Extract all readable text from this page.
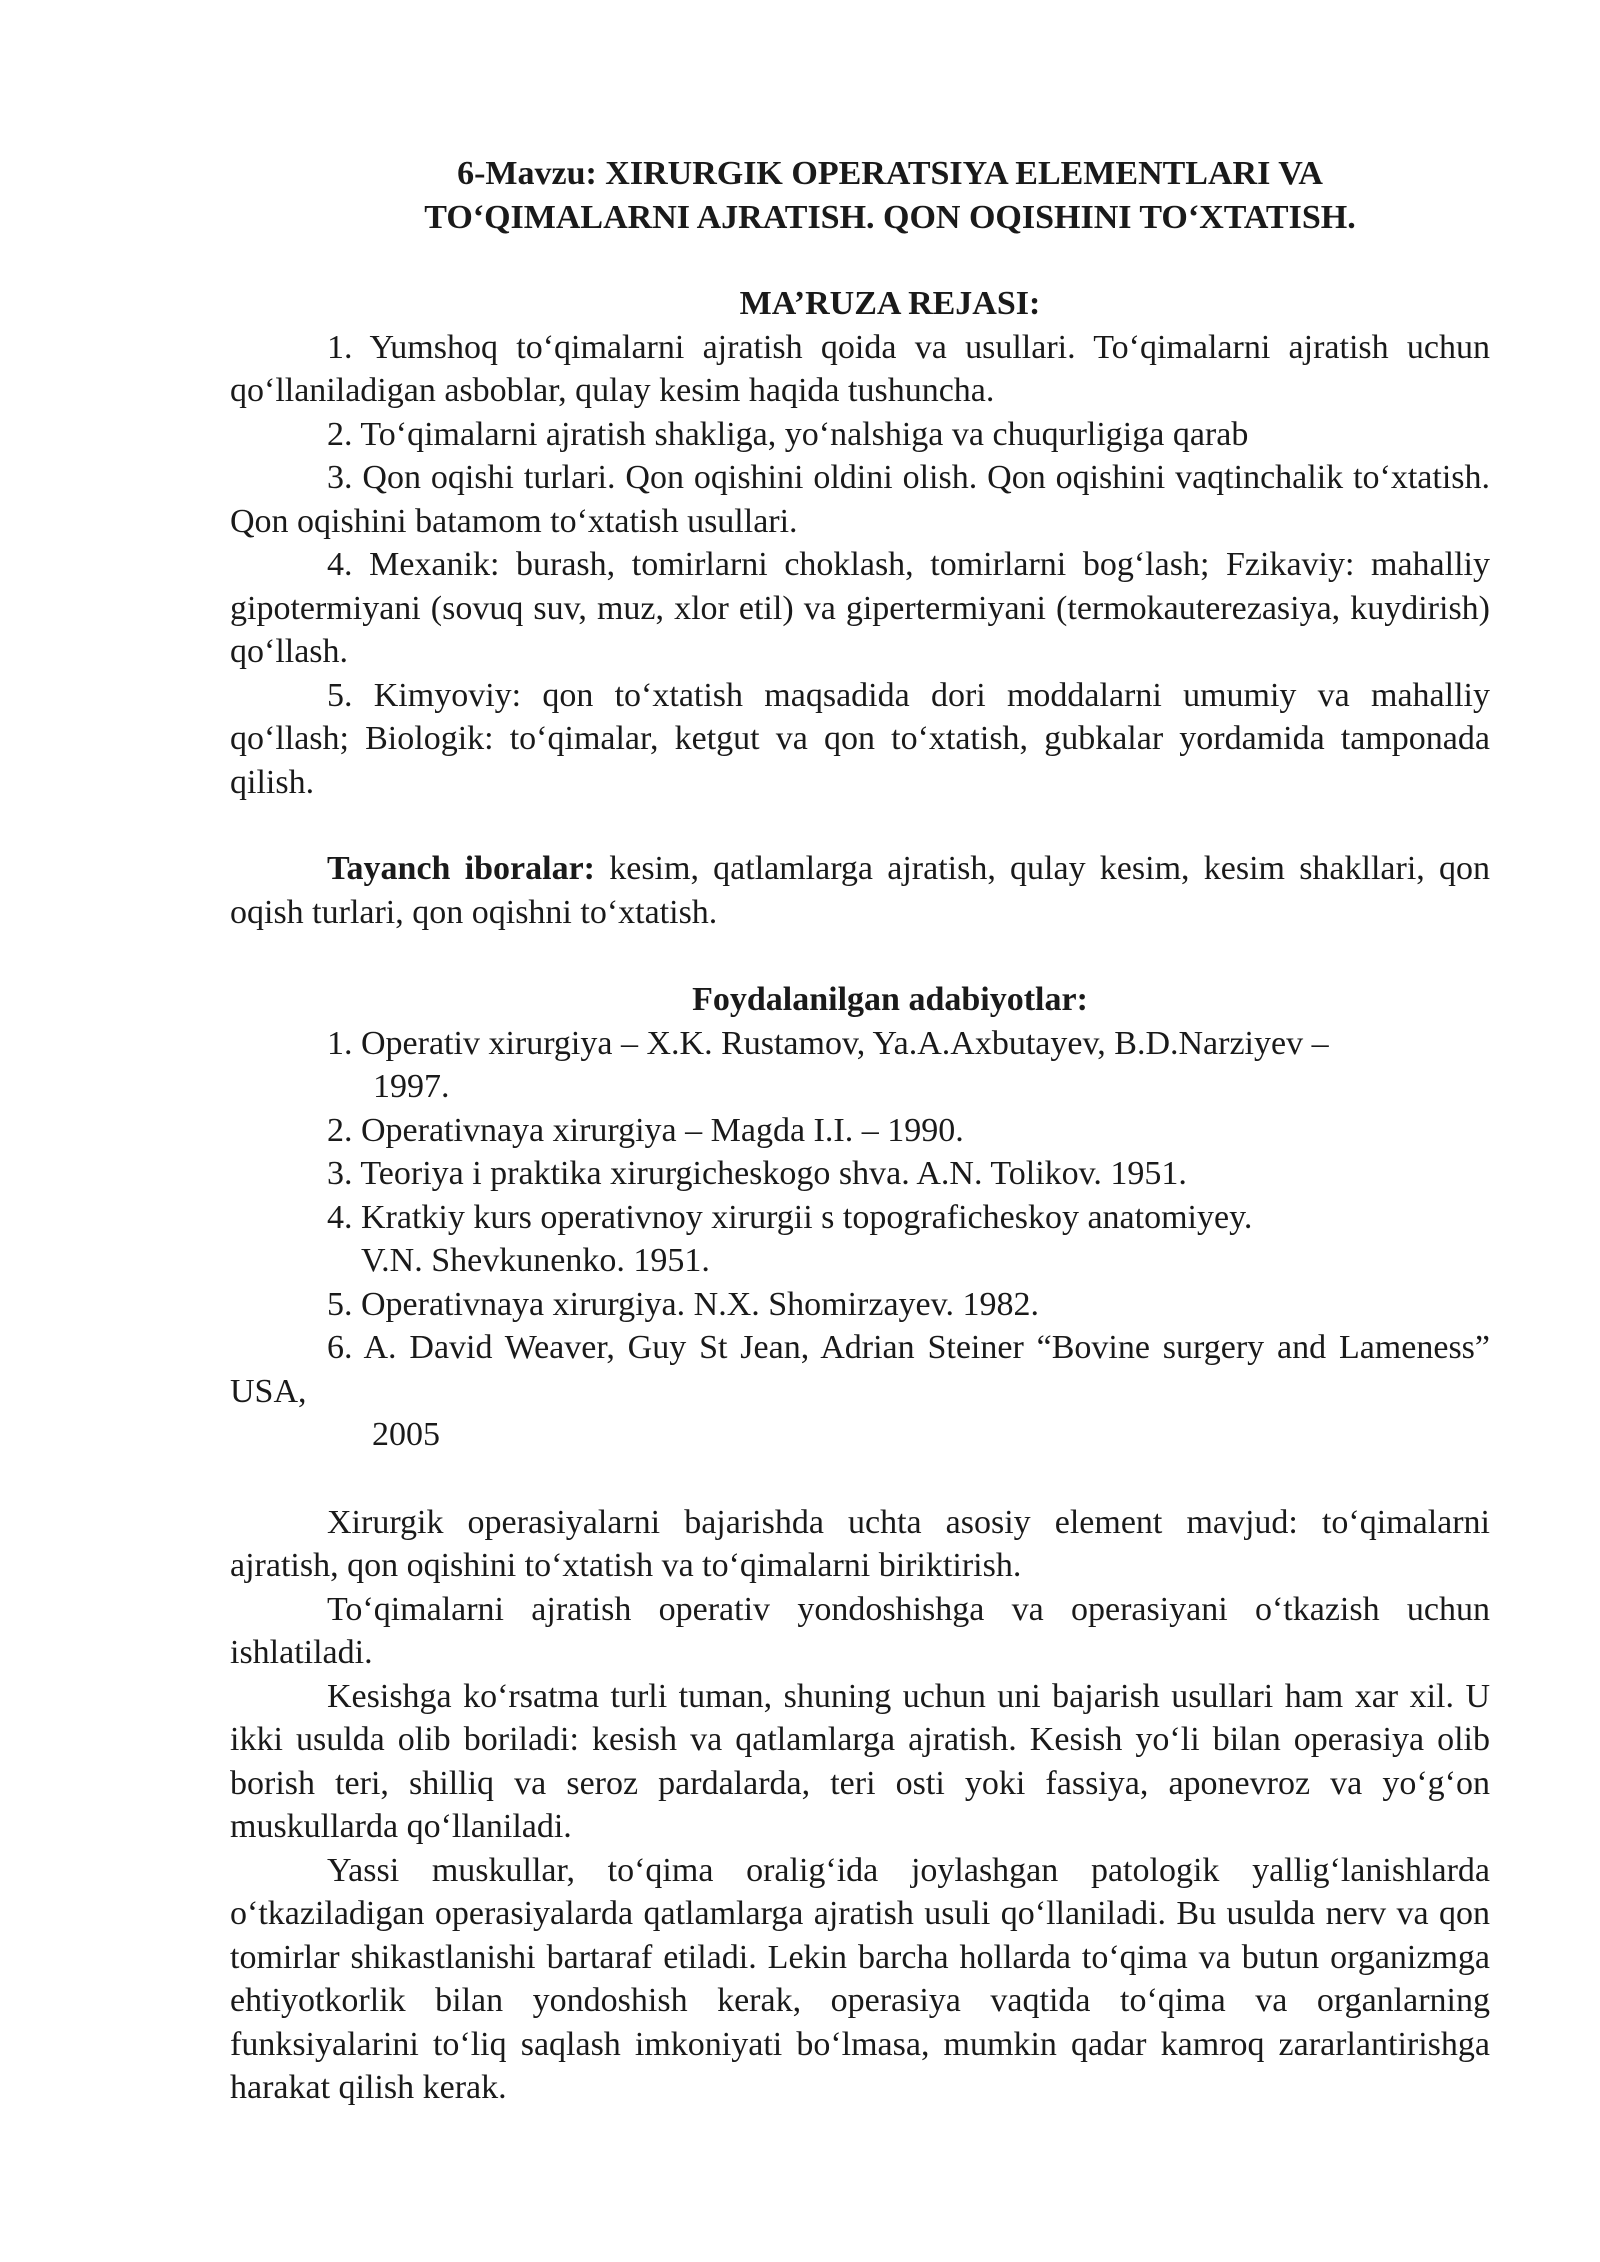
6-Mavzu: XIRURGIK OPERATSIYA ELEMENTLARI VA
TO‘QIMALARNI AJRATISH. QON OQISHINI TO‘XTATISH.

MA’RUZA REJASI:

1. Yumshoq to‘qimalarni ajratish qoida va usullari. To‘qimalarni ajratish uchun qo‘llaniladigan asboblar, qulay kesim haqida tushuncha.

2. To‘qimalarni ajratish shakliga, yo‘nalshiga va chuqurligiga qarab

3. Qon oqishi turlari. Qon oqishini oldini olish. Qon oqishini vaqtinchalik to‘xtatish. Qon oqishini batamom to‘xtatish usullari.

4. Mexanik: burash, tomirlarni choklash, tomirlarni bog‘lash; Fzikaviy: mahalliy gipotermiyani (sovuq suv, muz, xlor etil) va gipertermiyani (termokauterezasiya, kuydirish) qo‘llash.

5. Kimyoviy: qon to‘xtatish maqsadida dori moddalarni umumiy va mahalliy qo‘llash; Biologik: to‘qimalar, ketgut va qon to‘xtatish, gubkalar yordamida tamponada qilish.

Tayanch iboralar: kesim, qatlamlarga ajratish, qulay kesim, kesim shakllari, qon oqish turlari, qon oqishni to‘xtatish.

Foydalanilgan adabiyotlar:

1. Operativ xirurgiya – X.K. Rustamov, Ya.A.Axbutayev, B.D.Narziyev –
1997.

2. Operativnaya xirurgiya – Magda I.I. – 1990.

3. Teoriya i praktika xirurgicheskogo shva. A.N. Tolikov. 1951.

4. Kratkiy kurs operativnoy xirurgii s topograficheskoy anatomiyey.
V.N. Shevkunenko. 1951.

5. Operativnaya xirurgiya. N.X. Shomirzayev. 1982.

6. A. David Weaver, Guy St Jean, Adrian Steiner “Bovine surgery and Lameness” USA,

2005

Xirurgik operasiyalarni bajarishda uchta asosiy element mavjud: to‘qimalarni ajratish, qon oqishini to‘xtatish va to‘qimalarni biriktirish.

To‘qimalarni ajratish operativ yondoshishga va operasiyani o‘tkazish uchun ishlatiladi.

Kesishga ko‘rsatma turli tuman, shuning uchun uni bajarish usullari ham xar xil. U ikki usulda olib boriladi: kesish va qatlamlarga ajratish. Kesish yo‘li bilan operasiya olib borish teri, shilliq va seroz pardalarda, teri osti yoki fassiya, aponevroz va yo‘g‘on muskullarda qo‘llaniladi.

Yassi muskullar, to‘qima oralig‘ida joylashgan patologik yallig‘lanishlarda o‘tkaziladigan operasiyalarda qatlamlarga ajratish usuli qo‘llaniladi. Bu usulda nerv va qon tomirlar shikastlanishi bartaraf etiladi. Lekin barcha hollarda to‘qima va butun organizmga ehtiyotkorlik bilan yondoshish kerak, operasiya vaqtida to‘qima va organlarning funksiyalarini to‘liq saqlash imkoniyati bo‘lmasa, mumkin qadar kamroq zararlantirishga harakat qilish kerak.
